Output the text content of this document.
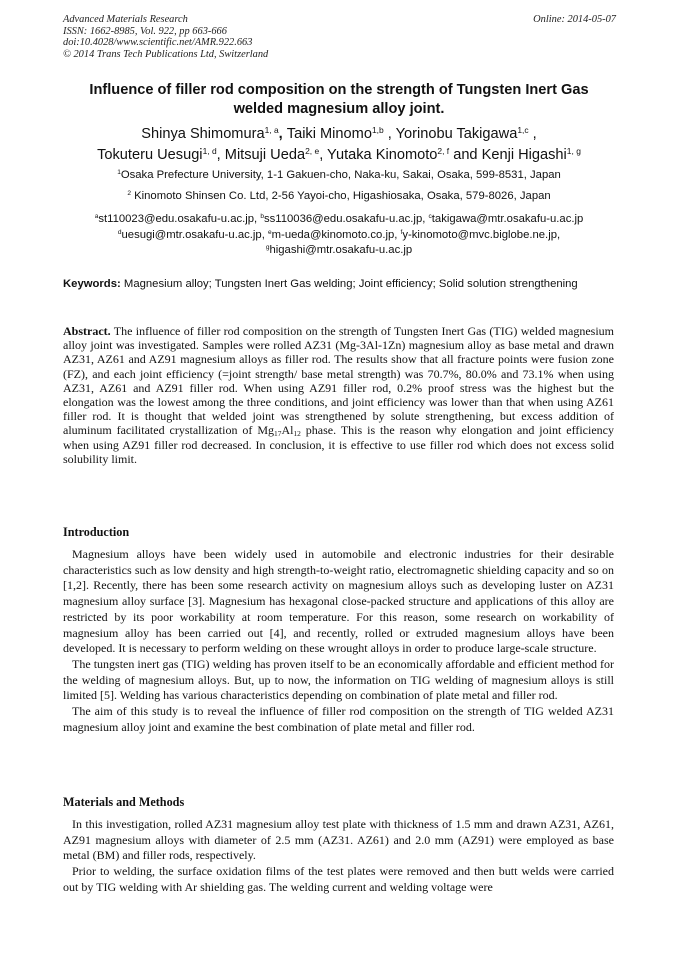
Advanced Materials Research
ISSN: 1662-8985, Vol. 922, pp 663-666
doi:10.4028/www.scientific.net/AMR.922.663
© 2014 Trans Tech Publications Ltd, Switzerland
Online: 2014-05-07
Influence of filler rod composition on the strength of Tungsten Inert Gas
welded magnesium alloy joint.
Shinya Shimomura$^{1, a}$, Taiki Minomo$^{1,b}$ , Yorinobu Takigawa$^{1,c}$ ,
Tokuteru Uesugi$^{1, d}$, Mitsuji Ueda$^{2, e}$, Yutaka Kinomoto$^{2, f}$ and Kenji Higashi$^{1, g}$
$^1$Osaka Prefecture University, 1-1 Gakuen-cho, Naka-ku, Sakai, Osaka, 599-8531, Japan
$^2$ Kinomoto Shinsen Co. Ltd, 2-56 Yayoi-cho, Higashiosaka, Osaka, 579-8026, Japan
$^a$st110023@edu.osakafu-u.ac.jp, $^b$ss110036@edu.osakafu-u.ac.jp, $^c$takigawa@mtr.osakafu-u.ac.jp
$^d$uesugi@mtr.osakafu-u.ac.jp, $^e$m-ueda@kinomoto.co.jp, $^f$y-kinomoto@mvc.biglobe.ne.jp,
$^g$higashi@mtr.osakafu-u.ac.jp
Keywords: Magnesium alloy; Tungsten Inert Gas welding; Joint efficiency; Solid solution strengthening
Abstract. The influence of filler rod composition on the strength of Tungsten Inert Gas (TIG) welded magnesium alloy joint was investigated. Samples were rolled AZ31 (Mg-3Al-1Zn) magnesium alloy as base metal and drawn AZ31, AZ61 and AZ91 magnesium alloys as filler rod. The results show that all fracture points were fusion zone (FZ), and each joint efficiency (=joint strength/ base metal strength) was 70.7%, 80.0% and 73.1% when using AZ31, AZ61 and AZ91 filler rod. When using AZ91 filler rod, 0.2% proof stress was the highest but the elongation was the lowest among the three conditions, and joint efficiency was lower than that when using AZ61 filler rod. It is thought that welded joint was strengthened by solute strengthening, but excess addition of aluminum facilitated crystallization of $Mg_{17}Al_{12}$ phase. This is the reason why elongation and joint efficiency when using AZ91 filler rod decreased. In conclusion, it is effective to use filler rod which does not excess solid solubility limit.
Introduction

Magnesium alloys have been widely used in automobile and electronic industries for their desirable characteristics such as low density and high strength-to-weight ratio, electromagnetic shielding capacity and so on [1,2]. Recently, there has been some research activity on magnesium alloys such as developing luster on AZ31 magnesium alloy surface [3]. Magnesium has hexagonal close-packed structure and applications of this alloy are restricted by its poor workability at room temperature. For this reason, some research on workability of magnesium alloy has been carried out [4], and recently, rolled or extruded magnesium alloys have been developed. It is necessary to perform welding on these wrought alloys in order to produce large-scale structure.

The tungsten inert gas (TIG) welding has proven itself to be an economically affordable and efficient method for the welding of magnesium alloys. But, up to now, the information on TIG welding of magnesium alloys is still limited [5]. Welding has various characteristics depending on combination of plate metal and filler rod.

The aim of this study is to reveal the influence of filler rod composition on the strength of TIG welded AZ31 magnesium alloy joint and examine the best combination of plate metal and filler rod.

Materials and Methods

In this investigation, rolled AZ31 magnesium alloy test plate with thickness of 1.5 mm and drawn AZ31, AZ61, AZ91 magnesium alloys with diameter of 2.5 mm (AZ31. AZ61) and 2.0 mm (AZ91) were employed as base metal (BM) and filler rods, respectively.

Prior to welding, the surface oxidation films of the test plates were removed and then butt welds were carried out by TIG welding with Ar shielding gas. The welding current and welding voltage were
